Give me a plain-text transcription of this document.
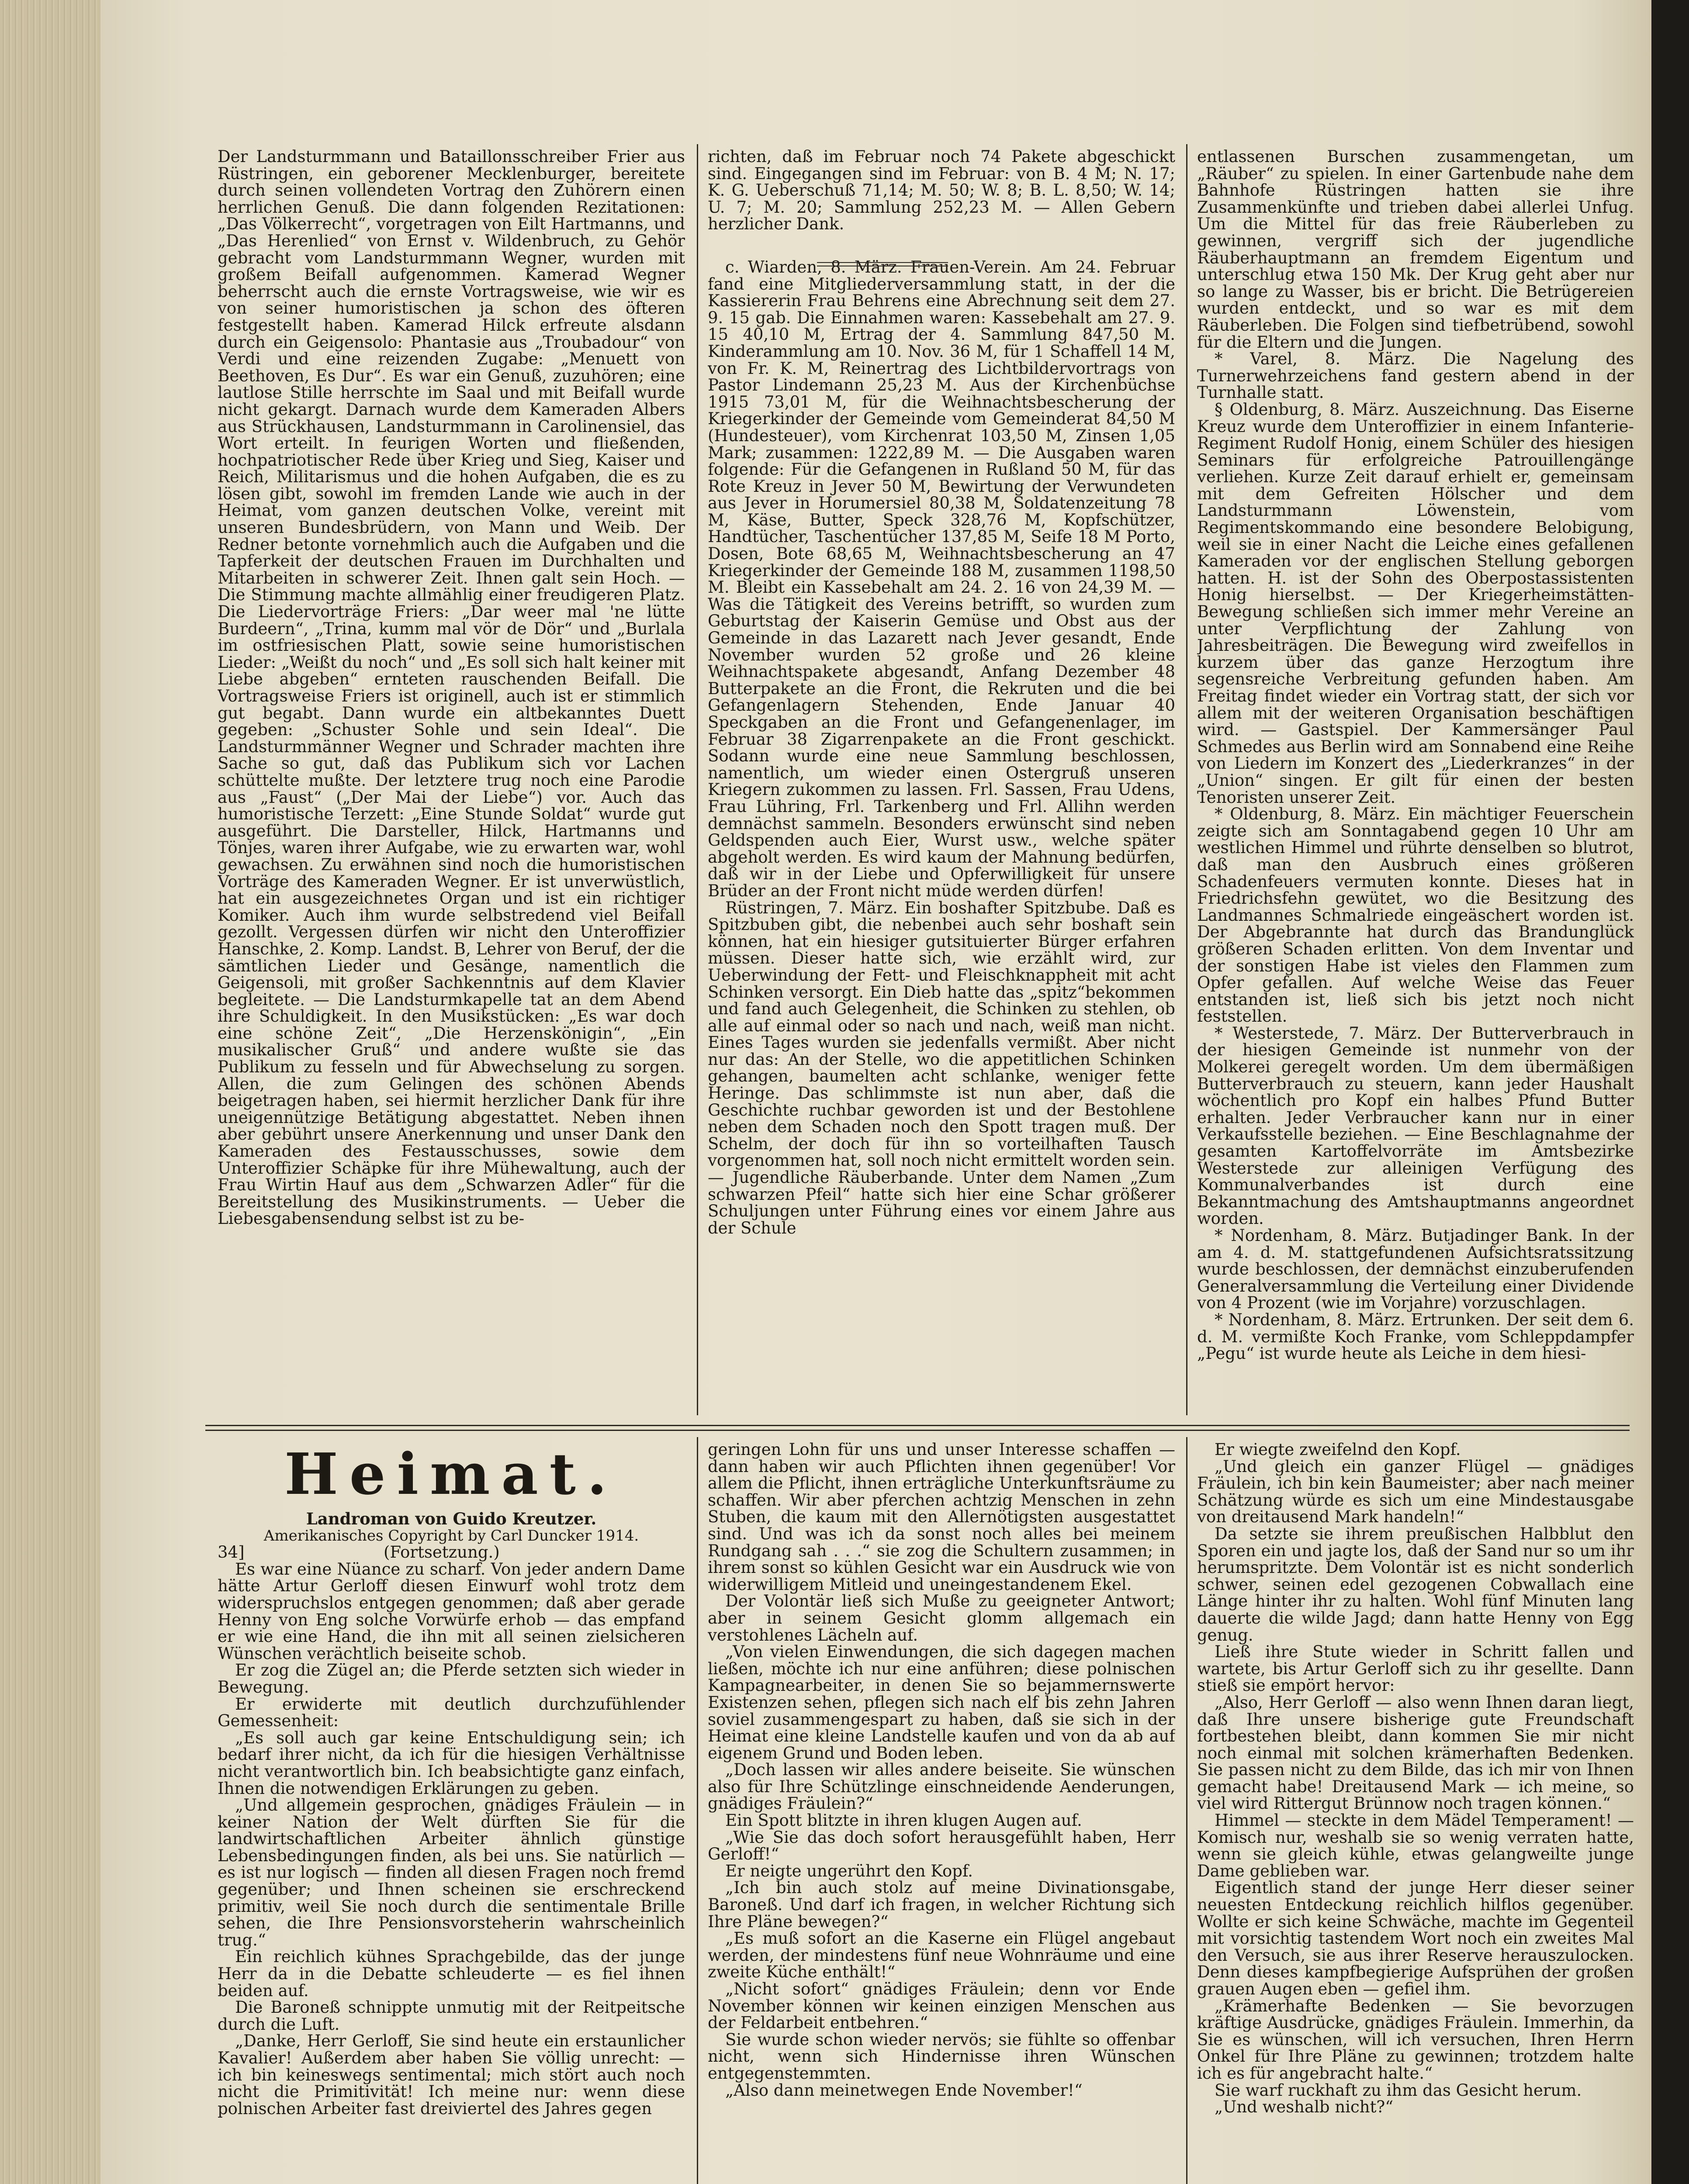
Der Landsturmmann und Bataillonsschreiber Frier aus Rüstringen, ein geborener Mecklenburger, bereitete durch seinen vollendeten Vortrag den Zuhörern einen herrlichen Genuß. Die dann folgenden Rezitationen: „Das Völkerrecht“, vorgetragen von Eilt Hartmanns, und „Das Herenlied“ von Ernst v. Wildenbruch, zu Gehör gebracht vom Landsturmmann Wegner, wurden mit großem Beifall aufgenommen. Kamerad Wegner beherrscht auch die ernste Vortragsweise, wie wir es von seiner humoristischen ja schon des öfteren festgestellt haben. Kamerad Hilck erfreute alsdann durch ein Geigensolo: Phantasie aus „Troubadour“ von Verdi und eine reizenden Zugabe: „Menuett von Beethoven, Es Dur“. Es war ein Genuß, zuzuhören; eine lautlose Stille herrschte im Saal und mit Beifall wurde nicht gekargt. Darnach wurde dem Kameraden Albers aus Strückhausen, Landsturmmann in Carolinensiel, das Wort erteilt. In feurigen Worten und fließenden, hochpatriotischer Rede über Krieg und Sieg, Kaiser und Reich, Militarismus und die hohen Aufgaben, die es zu lösen gibt, sowohl im fremden Lande wie auch in der Heimat, vom ganzen deutschen Volke, vereint mit unseren Bundesbrüdern, von Mann und Weib. Der Redner betonte vornehmlich auch die Aufgaben und die Tapferkeit der deutschen Frauen im Durchhalten und Mitarbeiten in schwerer Zeit. Ihnen galt sein Hoch. — Die Stimmung machte allmählig einer freudigeren Platz. Die Liedervorträge Friers: „Dar weer mal 'ne lütte Burdeern“, „Trina, kumm mal vör de Dör“ und „Burlala im ostfriesischen Platt, sowie seine humoristischen Lieder: „Weißt du noch“ und „Es soll sich halt keiner mit Liebe abgeben“ ernteten rauschenden Beifall. Die Vortragsweise Friers ist originell, auch ist er stimmlich gut begabt. Dann wurde ein altbekanntes Duett gegeben: „Schuster Sohle und sein Ideal“. Die Landsturmmänner Wegner und Schrader machten ihre Sache so gut, daß das Publikum sich vor Lachen schüttelte mußte. Der letztere trug noch eine Parodie aus „Faust“ („Der Mai der Liebe“) vor. Auch das humoristische Terzett: „Eine Stunde Soldat“ wurde gut ausgeführt. Die Darsteller, Hilck, Hartmanns und Tönjes, waren ihrer Aufgabe, wie zu erwarten war, wohl gewachsen. Zu erwähnen sind noch die humoristischen Vorträge des Kameraden Wegner. Er ist unverwüstlich, hat ein ausgezeichnetes Organ und ist ein richtiger Komiker. Auch ihm wurde selbstredend viel Beifall gezollt. Vergessen dürfen wir nicht den Unteroffizier Hanschke, 2. Komp. Landst. B, Lehrer von Beruf, der die sämtlichen Lieder und Gesänge, namentlich die Geigensoli, mit großer Sachkenntnis auf dem Klavier begleitete. — Die Landsturmkapelle tat an dem Abend ihre Schuldigkeit. In den Musikstücken: „Es war doch eine schöne Zeit“, „Die Herzenskönigin“, „Ein musikalischer Gruß“ und andere wußte sie das Publikum zu fesseln und für Abwechselung zu sorgen. Allen, die zum Gelingen des schönen Abends beigetragen haben, sei hiermit herzlicher Dank für ihre uneigennützige Betätigung abgestattet. Neben ihnen aber gebührt unsere Anerkennung und unser Dank den Kameraden des Festausschusses, sowie dem Unteroffizier Schäpke für ihre Mühewaltung, auch der Frau Wirtin Hauf aus dem „Schwarzen Adler“ für die Bereitstellung des Musikinstruments. — Ueber die Liebesgabensendung selbst ist zu be-

richten, daß im Februar noch 74 Pakete abgeschickt sind. Eingegangen sind im Februar: von B. 4 M; N. 17; K. G. Ueberschuß 71,14; M. 50; W. 8; B. L. 8,50; W. 14; U. 7; M. 20; Sammlung 252,23 M. — Allen Gebern herzlicher Dank.

c. Wiarden, 8. März. Frauen-Verein. Am 24. Februar fand eine Mitgliederversammlung statt, in der die Kassiererin Frau Behrens eine Abrechnung seit dem 27. 9. 15 gab. Die Einnahmen waren: Kassebehalt am 27. 9. 15 40,10 M, Ertrag der 4. Sammlung 847,50 M. Kinderammlung am 10. Nov. 36 M, für 1 Schaffell 14 M, von Fr. K. M, Reinertrag des Lichtbildervortrags von Pastor Lindemann 25,23 M. Aus der Kirchenbüchse 1915 73,01 M, für die Weihnachtsbescherung der Kriegerkinder der Gemeinde vom Gemeinderat 84,50 M (Hundesteuer), vom Kirchenrat 103,50 M, Zinsen 1,05 Mark; zusammen: 1222,89 M. — Die Ausgaben waren folgende: Für die Gefangenen in Rußland 50 M, für das Rote Kreuz in Jever 50 M, Bewirtung der Verwundeten aus Jever in Horumersiel 80,38 M, Soldatenzeitung 78 M, Käse, Butter, Speck 328,76 M, Kopfschützer, Handtücher, Taschentücher 137,85 M, Seife 18 M Porto, Dosen, Bote 68,65 M, Weihnachtsbescherung an 47 Kriegerkinder der Gemeinde 188 M, zusammen 1198,50 M. Bleibt ein Kassebehalt am 24. 2. 16 von 24,39 M. — Was die Tätigkeit des Vereins betrifft, so wurden zum Geburtstag der Kaiserin Gemüse und Obst aus der Gemeinde in das Lazarett nach Jever gesandt, Ende November wurden 52 große und 26 kleine Weihnachtspakete abgesandt, Anfang Dezember 48 Butterpakete an die Front, die Rekruten und die bei Gefangenlagern Stehenden, Ende Januar 40 Speckgaben an die Front und Gefangenenlager, im Februar 38 Zigarrenpakete an die Front geschickt. Sodann wurde eine neue Sammlung beschlossen, namentlich, um wieder einen Ostergruß unseren Kriegern zukommen zu lassen. Frl. Sassen, Frau Udens, Frau Lühring, Frl. Tarkenberg und Frl. Allihn werden demnächst sammeln. Besonders erwünscht sind neben Geldspenden auch Eier, Wurst usw., welche später abgeholt werden. Es wird kaum der Mahnung bedürfen, daß wir in der Liebe und Opferwilligkeit für unsere Brüder an der Front nicht müde werden dürfen!

Rüstringen, 7. März. Ein boshafter Spitzbube. Daß es Spitzbuben gibt, die nebenbei auch sehr boshaft sein können, hat ein hiesiger gutsituierter Bürger erfahren müssen. Dieser hatte sich, wie erzählt wird, zur Ueberwindung der Fett- und Fleischknappheit mit acht Schinken versorgt. Ein Dieb hatte das „spitz“bekommen und fand auch Gelegenheit, die Schinken zu stehlen, ob alle auf einmal oder so nach und nach, weiß man nicht. Eines Tages wurden sie jedenfalls vermißt. Aber nicht nur das: An der Stelle, wo die appetitlichen Schinken gehangen, baumelten acht schlanke, weniger fette Heringe. Das schlimmste ist nun aber, daß die Geschichte ruchbar geworden ist und der Bestohlene neben dem Schaden noch den Spott tragen muß. Der Schelm, der doch für ihn so vorteilhaften Tausch vorgenommen hat, soll noch nicht ermittelt worden sein. — Jugendliche Räuberbande. Unter dem Namen „Zum schwarzen Pfeil“ hatte sich hier eine Schar größerer Schuljungen unter Führung eines vor einem Jahre aus der Schule

entlassenen Burschen zusammengetan, um „Räuber“ zu spielen. In einer Gartenbude nahe dem Bahnhofe Rüstringen hatten sie ihre Zusammenkünfte und trieben dabei allerlei Unfug. Um die Mittel für das freie Räuberleben zu gewinnen, vergriff sich der jugendliche Räuberhauptmann an fremdem Eigentum und unterschlug etwa 150 Mk. Der Krug geht aber nur so lange zu Wasser, bis er bricht. Die Betrügereien wurden entdeckt, und so war es mit dem Räuberleben. Die Folgen sind tiefbetrübend, sowohl für die Eltern und die Jungen.

* Varel, 8. März. Die Nagelung des Turnerwehrzeichens fand gestern abend in der Turnhalle statt.

§ Oldenburg, 8. März. Auszeichnung. Das Eiserne Kreuz wurde dem Unteroffizier in einem Infanterie-Regiment Rudolf Honig, einem Schüler des hiesigen Seminars für erfolgreiche Patrouillengänge verliehen. Kurze Zeit darauf erhielt er, gemeinsam mit dem Gefreiten Hölscher und dem Landsturmmann Löwenstein, vom Regimentskommando eine besondere Belobigung, weil sie in einer Nacht die Leiche eines gefallenen Kameraden vor der englischen Stellung geborgen hatten. H. ist der Sohn des Oberpostassistenten Honig hierselbst. — Der Kriegerheimstätten-Bewegung schließen sich immer mehr Vereine an unter Verpflichtung der Zahlung von Jahresbeiträgen. Die Bewegung wird zweifellos in kurzem über das ganze Herzogtum ihre segensreiche Verbreitung gefunden haben. Am Freitag findet wieder ein Vortrag statt, der sich vor allem mit der weiteren Organisation beschäftigen wird. — Gastspiel. Der Kammersänger Paul Schmedes aus Berlin wird am Sonnabend eine Reihe von Liedern im Konzert des „Liederkranzes“ in der „Union“ singen. Er gilt für einen der besten Tenoristen unserer Zeit.

* Oldenburg, 8. März. Ein mächtiger Feuerschein zeigte sich am Sonntagabend gegen 10 Uhr am westlichen Himmel und rührte denselben so blutrot, daß man den Ausbruch eines größeren Schadenfeuers vermuten konnte. Dieses hat in Friedrichsfehn gewütet, wo die Besitzung des Landmannes Schmalriede eingeäschert worden ist. Der Abgebrannte hat durch das Brandunglück größeren Schaden erlitten. Von dem Inventar und der sonstigen Habe ist vieles den Flammen zum Opfer gefallen. Auf welche Weise das Feuer entstanden ist, ließ sich bis jetzt noch nicht feststellen.

* Westerstede, 7. März. Der Butterverbrauch in der hiesigen Gemeinde ist nunmehr von der Molkerei geregelt worden. Um dem übermäßigen Butterverbrauch zu steuern, kann jeder Haushalt wöchentlich pro Kopf ein halbes Pfund Butter erhalten. Jeder Verbraucher kann nur in einer Verkaufsstelle beziehen. — Eine Beschlagnahme der gesamten Kartoffelvorräte im Amtsbezirke Westerstede zur alleinigen Verfügung des Kommunalverbandes ist durch eine Bekanntmachung des Amtshauptmanns angeordnet worden.

* Nordenham, 8. März. Butjadinger Bank. In der am 4. d. M. stattgefundenen Aufsichtsratssitzung wurde beschlossen, der demnächst einzuberufenden Generalversammlung die Verteilung einer Dividende von 4 Prozent (wie im Vorjahre) vorzuschlagen.

* Nordenham, 8. März. Ertrunken. Der seit dem 6. d. M. vermißte Koch Franke, vom Schleppdampfer „Pegu“ ist wurde heute als Leiche in dem hiesi-

Heimat.

Landroman von Guido Kreutzer.

Amerikanisches Copyright by Carl Duncker 1914.

34]	(Fortsetzung.)

Es war eine Nüance zu scharf. Von jeder andern Dame hätte Artur Gerloff diesen Einwurf wohl trotz dem widerspruchslos entgegen genommen; daß aber gerade Henny von Eng solche Vorwürfe erhob — das empfand er wie eine Hand, die ihn mit all seinen zielsicheren Wünschen verächtlich beiseite schob.

Er zog die Zügel an; die Pferde setzten sich wieder in Bewegung.

Er erwiderte mit deutlich durchzufühlender Gemessenheit:

„Es soll auch gar keine Entschuldigung sein; ich bedarf ihrer nicht, da ich für die hiesigen Verhältnisse nicht verantwortlich bin. Ich beabsichtigte ganz einfach, Ihnen die notwendigen Erklärungen zu geben.

„Und allgemein gesprochen, gnädiges Fräulein — in keiner Nation der Welt dürften Sie für die landwirtschaftlichen Arbeiter ähnlich günstige Lebensbedingungen finden, als bei uns. Sie natürlich — es ist nur logisch — finden all diesen Fragen noch fremd gegenüber; und Ihnen scheinen sie erschreckend primitiv, weil Sie noch durch die sentimentale Brille sehen, die Ihre Pensionsvorsteherin wahrscheinlich trug.“

Ein reichlich kühnes Sprachgebilde, das der junge Herr da in die Debatte schleuderte — es fiel ihnen beiden auf.

Die Baroneß schnippte unmutig mit der Reitpeitsche durch die Luft.

„Danke, Herr Gerloff, Sie sind heute ein erstaunlicher Kavalier! Außerdem aber haben Sie völlig unrecht: — ich bin keineswegs sentimental; mich stört auch noch nicht die Primitivität! Ich meine nur: wenn diese polnischen Arbeiter fast dreiviertel des Jahres gegen

geringen Lohn für uns und unser Interesse schaffen — dann haben wir auch Pflichten ihnen gegenüber! Vor allem die Pflicht, ihnen erträgliche Unterkunftsräume zu schaffen. Wir aber pferchen achtzig Menschen in zehn Stuben, die kaum mit den Allernötigsten ausgestattet sind. Und was ich da sonst noch alles bei meinem Rundgang sah . . .“ sie zog die Schultern zusammen; in ihrem sonst so kühlen Gesicht war ein Ausdruck wie von widerwilligem Mitleid und uneingestandenem Ekel.

Der Volontär ließ sich Muße zu geeigneter Antwort; aber in seinem Gesicht glomm allgemach ein verstohlenes Lächeln auf.

„Von vielen Einwendungen, die sich dagegen machen ließen, möchte ich nur eine anführen; diese polnischen Kampagnearbeiter, in denen Sie so bejammernswerte Existenzen sehen, pflegen sich nach elf bis zehn Jahren soviel zusammengespart zu haben, daß sie sich in der Heimat eine kleine Landstelle kaufen und von da ab auf eigenem Grund und Boden leben.

„Doch lassen wir alles andere beiseite. Sie wünschen also für Ihre Schützlinge einschneidende Aenderungen, gnädiges Fräulein?“

Ein Spott blitzte in ihren klugen Augen auf.

„Wie Sie das doch sofort herausgefühlt haben, Herr Gerloff!“

Er neigte ungerührt den Kopf.

„Ich bin auch stolz auf meine Divinationsgabe, Baroneß. Und darf ich fragen, in welcher Richtung sich Ihre Pläne bewegen?“

„Es muß sofort an die Kaserne ein Flügel angebaut werden, der mindestens fünf neue Wohnräume und eine zweite Küche enthält!“

„Nicht sofort“ gnädiges Fräulein; denn vor Ende November können wir keinen einzigen Menschen aus der Feldarbeit entbehren.“

Sie wurde schon wieder nervös; sie fühlte so offenbar nicht, wenn sich Hindernisse ihren Wünschen entgegenstemmten.

„Also dann meinetwegen Ende November!“

Er wiegte zweifelnd den Kopf.

„Und gleich ein ganzer Flügel — gnädiges Fräulein, ich bin kein Baumeister; aber nach meiner Schätzung würde es sich um eine Mindestausgabe von dreitausend Mark handeln!“

Da setzte sie ihrem preußischen Halbblut den Sporen ein und jagte los, daß der Sand nur so um ihr herumspritzte. Dem Volontär ist es nicht sonderlich schwer, seinen edel gezogenen Cobwallach eine Länge hinter ihr zu halten. Wohl fünf Minuten lang dauerte die wilde Jagd; dann hatte Henny von Egg genug.

Ließ ihre Stute wieder in Schritt fallen und wartete, bis Artur Gerloff sich zu ihr gesellte. Dann stieß sie empört hervor:

„Also, Herr Gerloff — also wenn Ihnen daran liegt, daß Ihre unsere bisherige gute Freundschaft fortbestehen bleibt, dann kommen Sie mir nicht noch einmal mit solchen krämerhaften Bedenken. Sie passen nicht zu dem Bilde, das ich mir von Ihnen gemacht habe! Dreitausend Mark — ich meine, so viel wird Rittergut Brünnow noch tragen können.“

Himmel — steckte in dem Mädel Temperament! — Komisch nur, weshalb sie so wenig verraten hatte, wenn sie gleich kühle, etwas gelangweilte junge Dame geblieben war.

Eigentlich stand der junge Herr dieser seiner neuesten Entdeckung reichlich hilflos gegenüber. Wollte er sich keine Schwäche, machte im Gegenteil mit vorsichtig tastendem Wort noch ein zweites Mal den Versuch, sie aus ihrer Reserve herauszulocken. Denn dieses kampfbegierige Aufsprühen der großen grauen Augen eben — gefiel ihm.

„Krämerhafte Bedenken — Sie bevorzugen kräftige Ausdrücke, gnädiges Fräulein. Immerhin, da Sie es wünschen, will ich versuchen, Ihren Herrn Onkel für Ihre Pläne zu gewinnen; trotzdem halte ich es für angebracht halte.“

Sie warf ruckhaft zu ihm das Gesicht herum.

„Und weshalb nicht?“
